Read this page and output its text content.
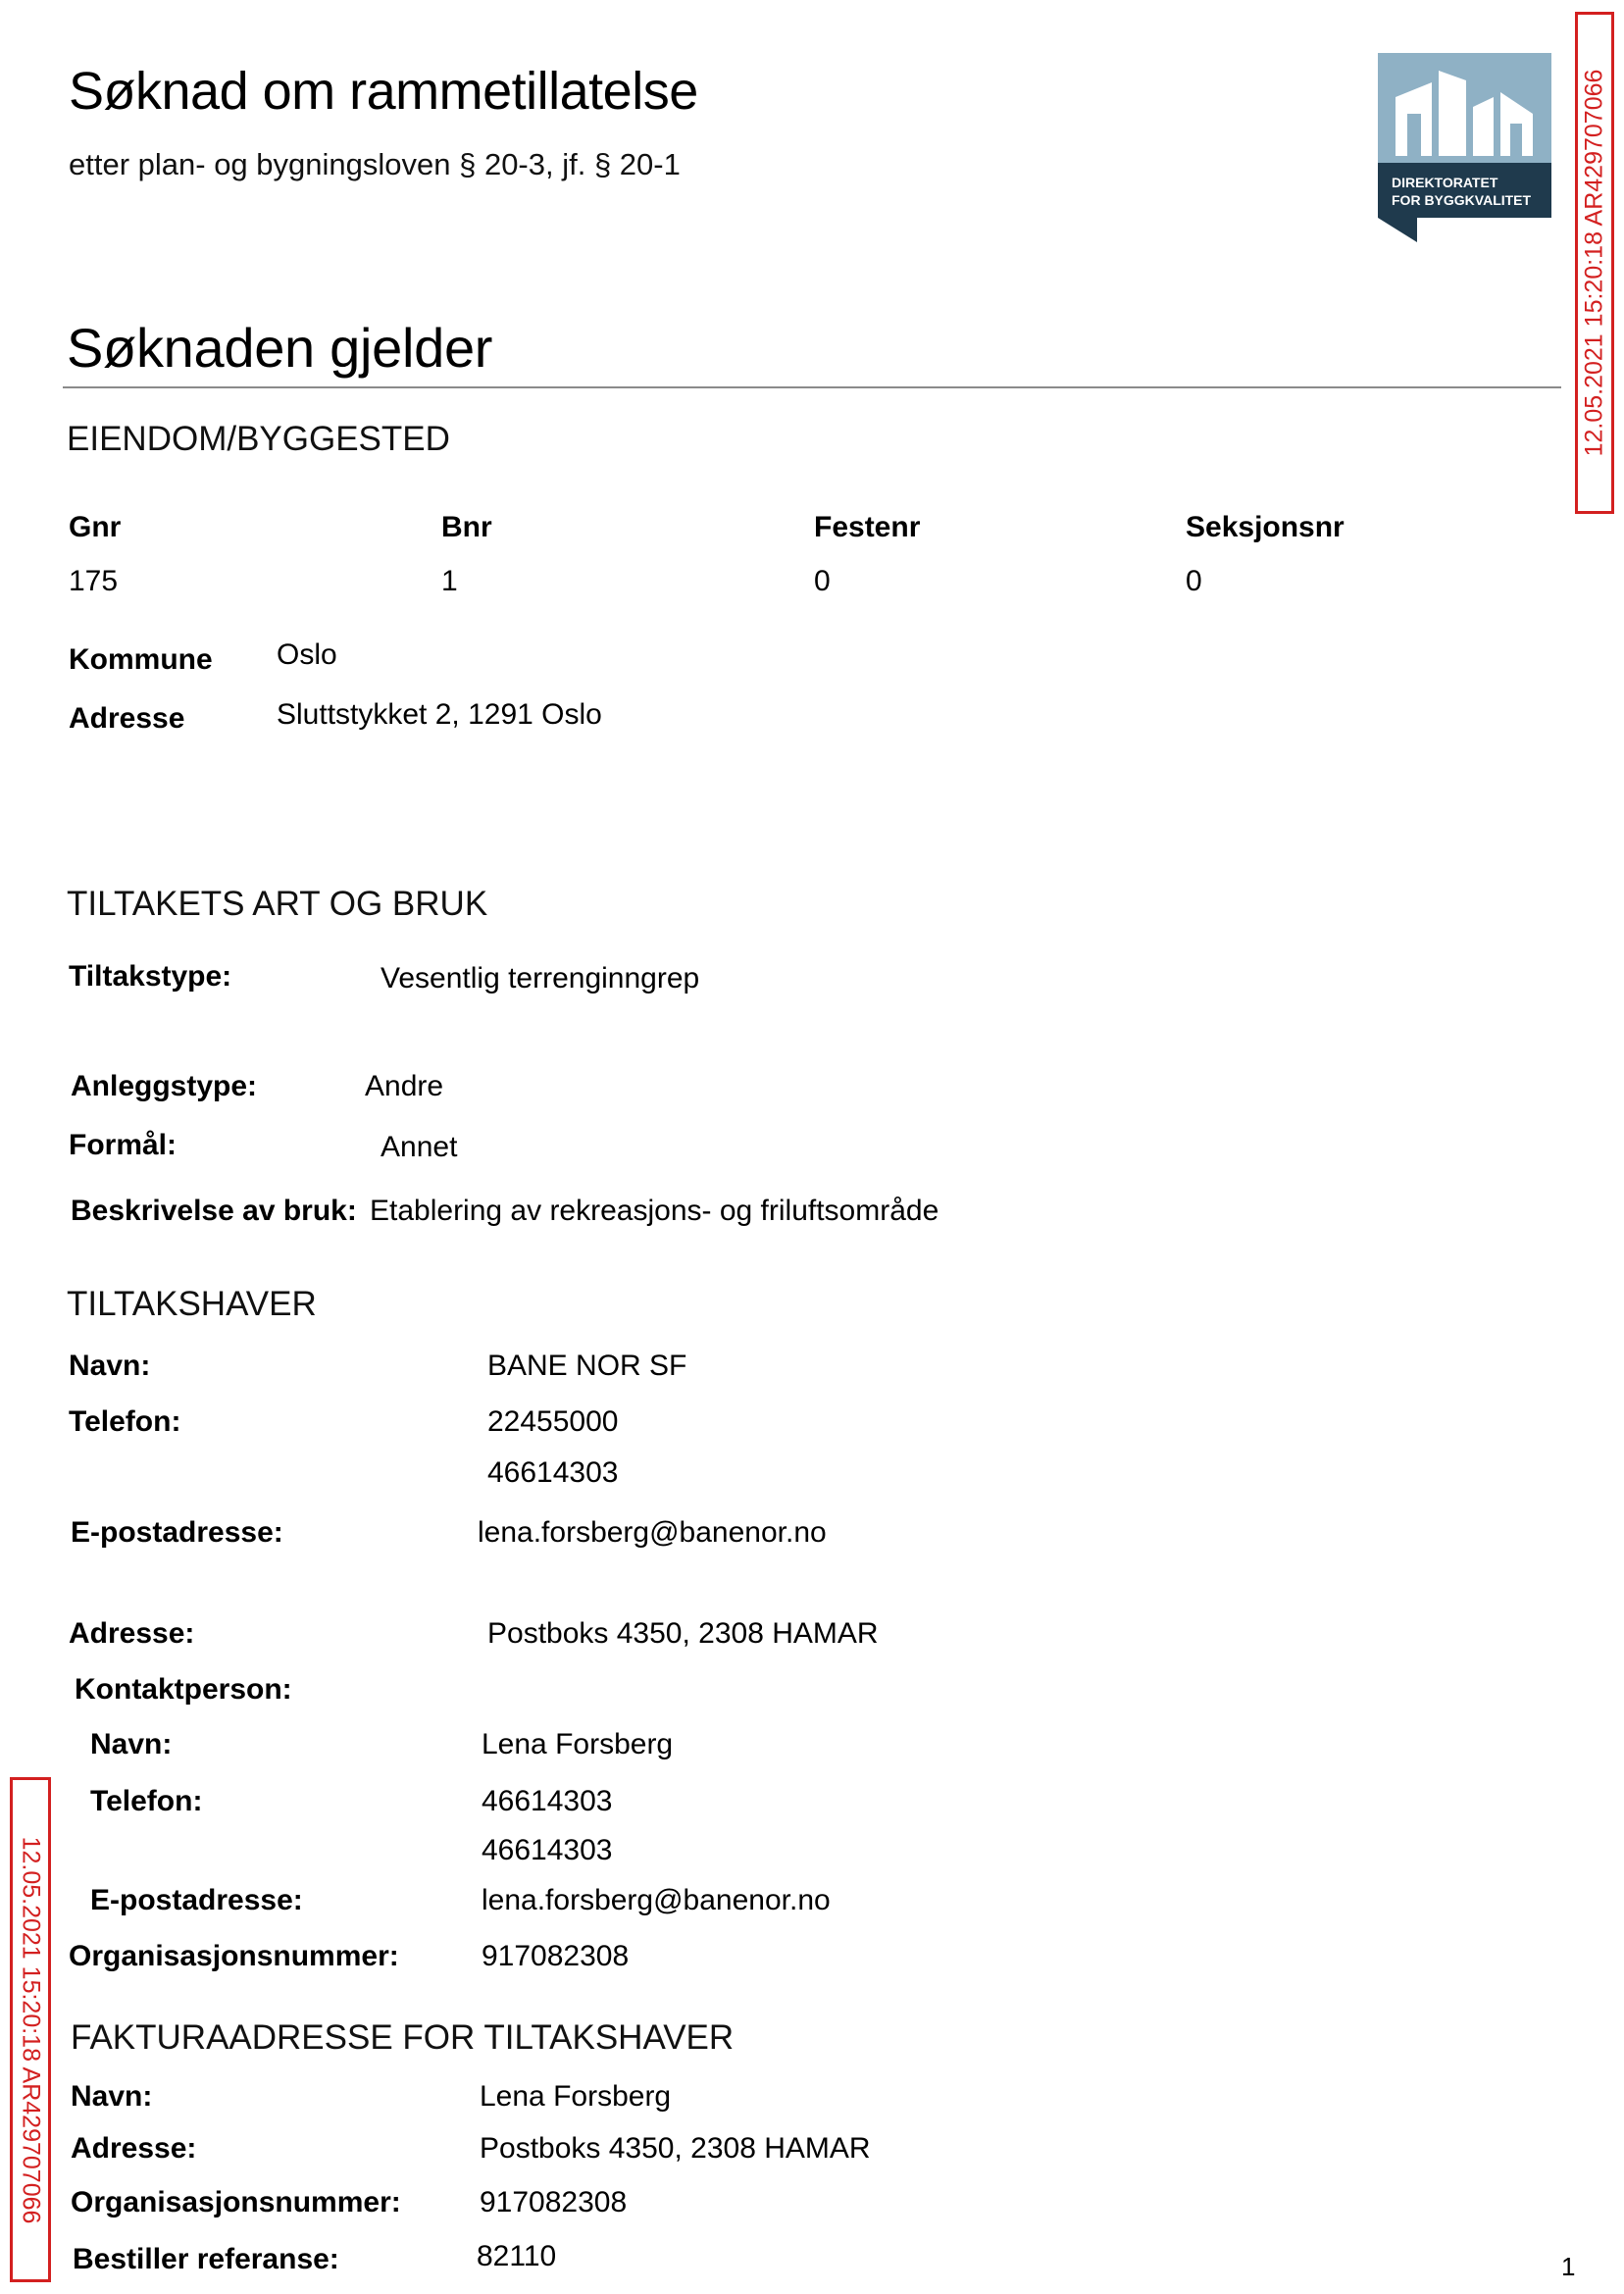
Søknad om rammetillatelse
etter plan- og bygningsloven § 20-3, jf. § 20-1
DIREKTORATET
FOR BYGGKVALITET 12.05.2021 15:20:18 AR429707066
12.05.2021 15:20:18 AR429707066
Søknaden gjelder
EIENDOM/BYGGESTED
Gnr	Bnr	Festenr	Seksjonsnr
175	1	0	0
Kommune Oslo
Adresse	Sluttstykket 2, 1291 Oslo
TILTAKETS ART OG BRUK
Tiltakstype:	Vesentlig terrenginngrep
Anleggstype:	Andre
Formål:	Annet
Beskrivelse av bruk: Etablering av rekreasjons- og friluftsområde
TILTAKSHAVER
Navn:	BANE NOR SF
Telefon:	22455000
46614303
E-postadresse:	lena.forsberg@banenor.no
Adresse:	Postboks 4350, 2308 HAMAR
Kontaktperson:
Navn:	Lena Forsberg
Telefon:	46614303
46614303
E-postadresse:	lena.forsberg@banenor.no
Organisasjonsnummer:	917082308
FAKTURAADRESSE FOR TILTAKSHAVER
Navn:	Lena Forsberg
Adresse:	Postboks 4350, 2308 HAMAR
Organisasjonsnummer:	917082308
Bestiller referanse:	82110	1
